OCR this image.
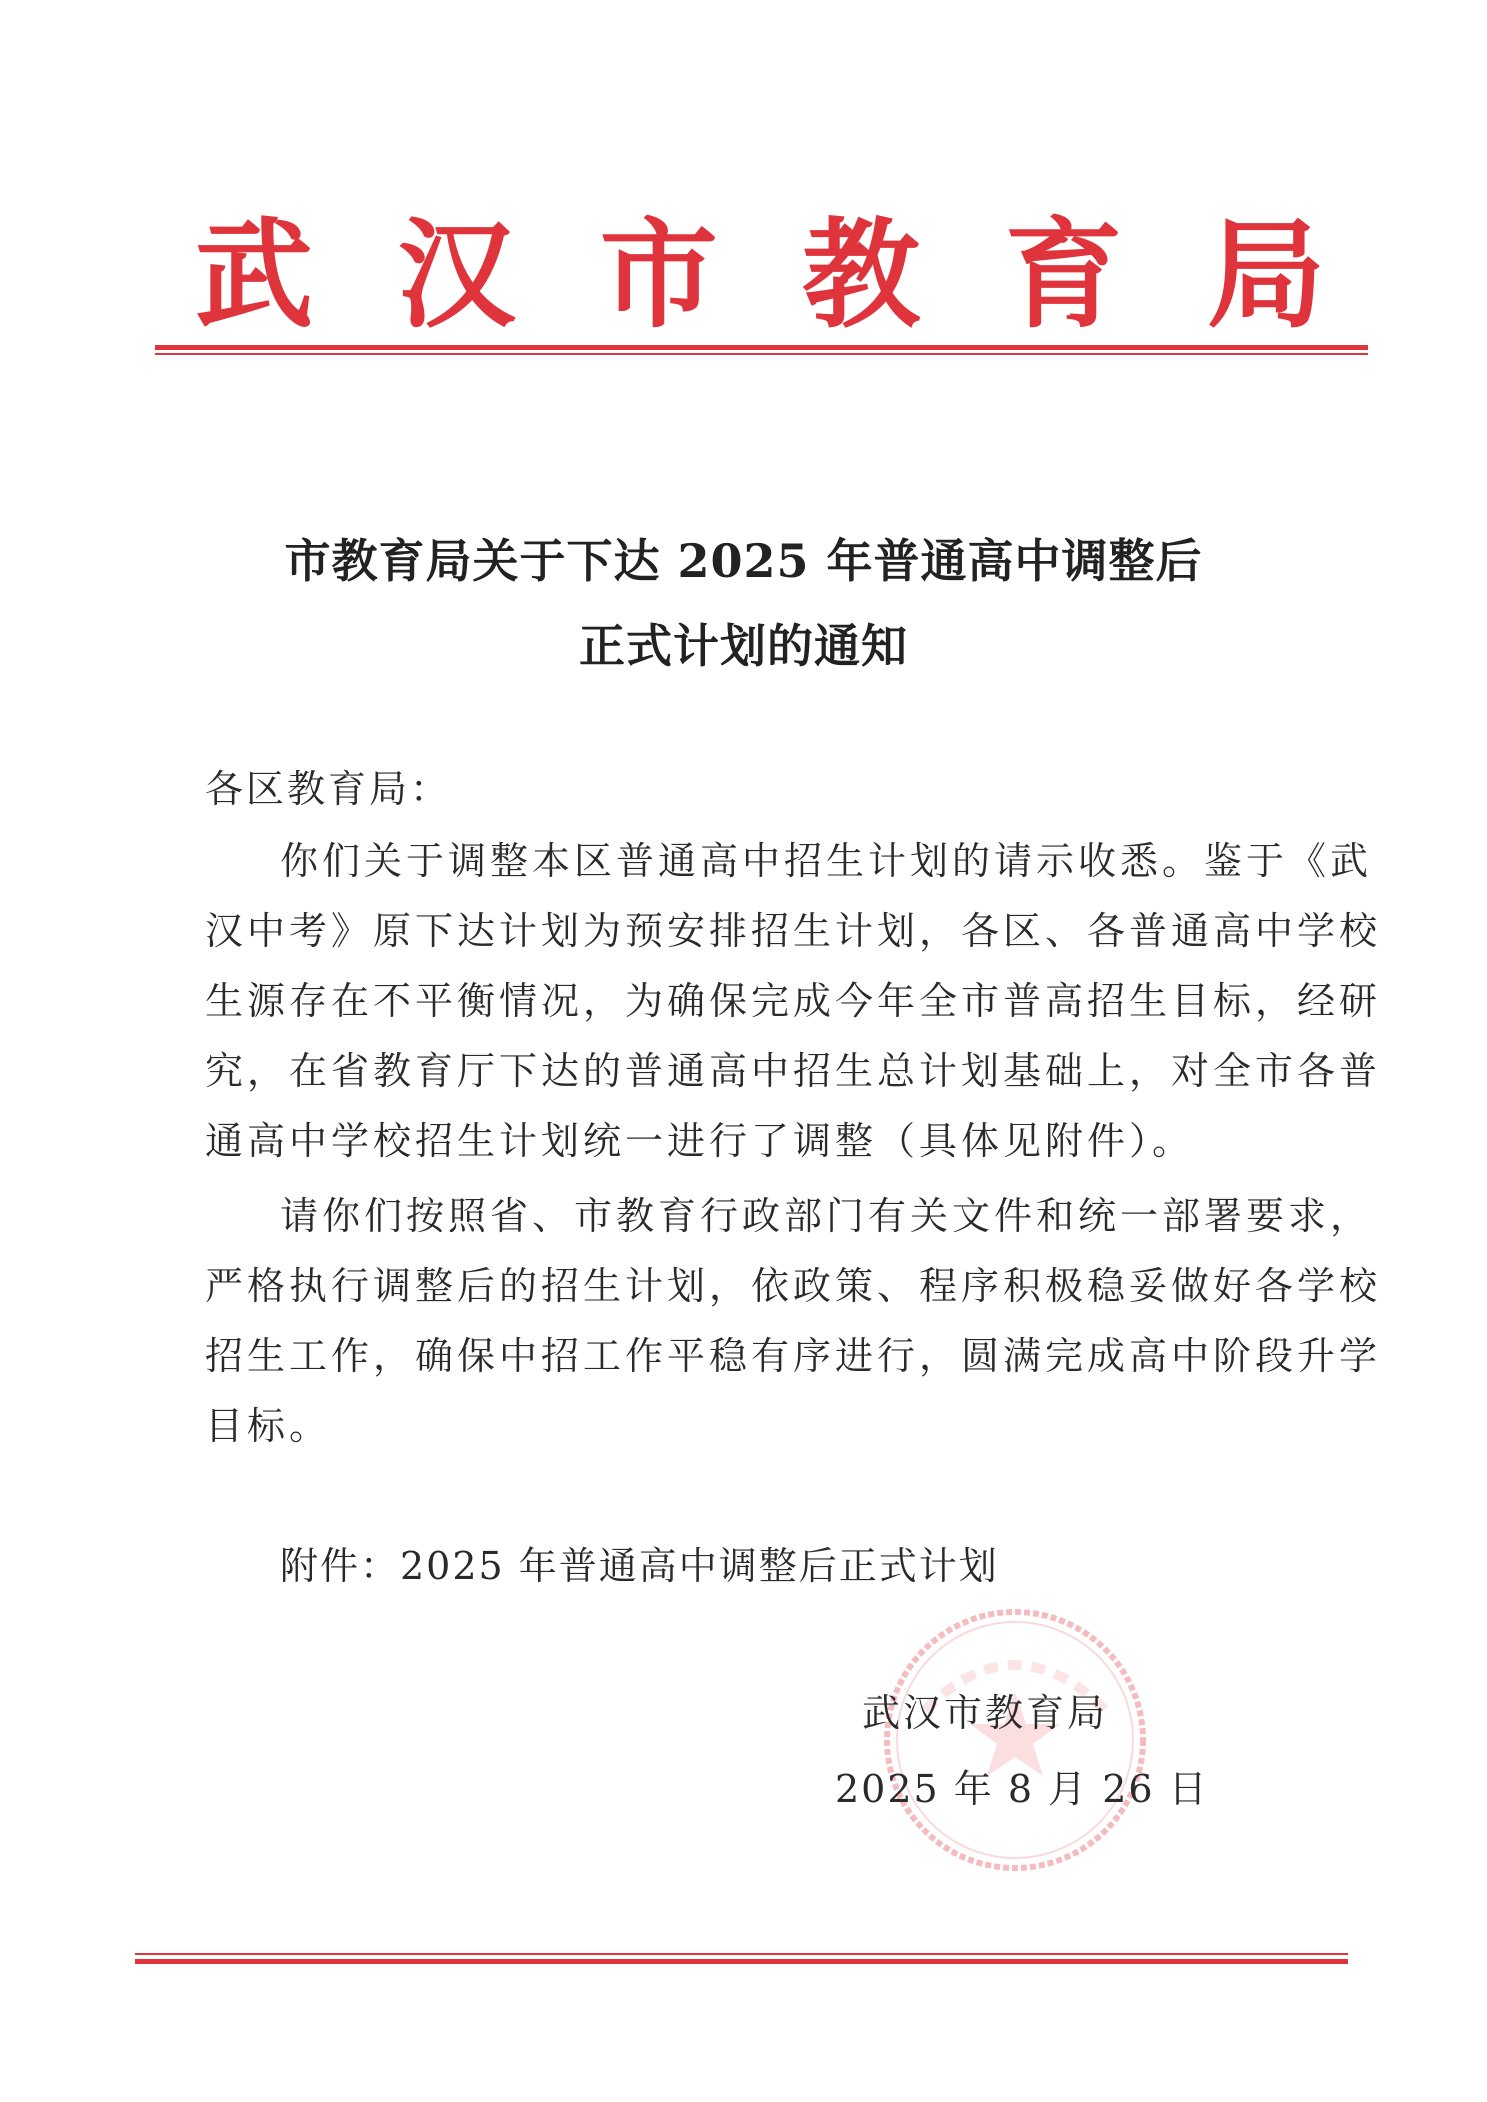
武 汉 市 教 育 局
市教育局关于下达 2025 年普通高中调整后
正式计划的通知
各区教育局：
你们关于调整本区普通高中招生计划的请示收悉。鉴于《武
汉中考》原下达计划为预安排招生计划，各区、各普通高中学校
生源存在不平衡情况，为确保完成今年全市普高招生目标，经研
究，在省教育厅下达的普通高中招生总计划基础上，对全市各普
通高中学校招生计划统一进行了调整（具体见附件）。
请你们按照省、市教育行政部门有关文件和统一部署要求，
严格执行调整后的招生计划，依政策、程序积极稳妥做好各学校
招生工作，确保中招工作平稳有序进行，圆满完成高中阶段升学
目标。
附件：2025 年普通高中调整后正式计划
武汉市教育局
2025 年 8 月 26 日
